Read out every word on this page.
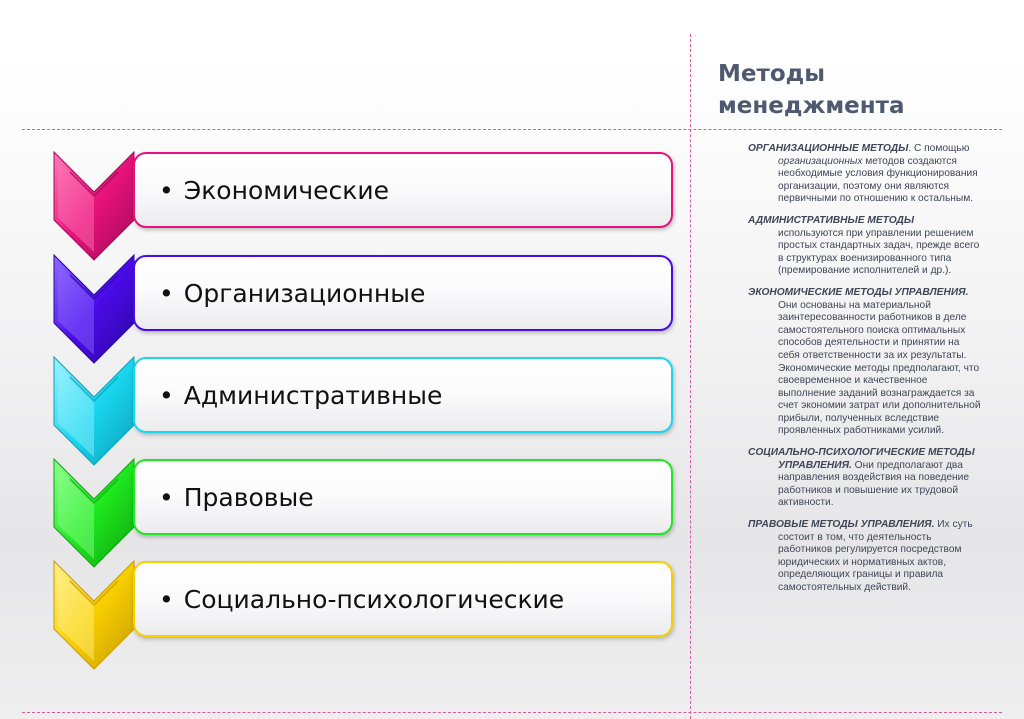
Методы
менеджмента
• Экономические
• Организационные
• Административные
• Правовые
• Социально-психологические

ОРГАНИЗАЦИОННЫЕ МЕТОДЫ. С помощью организационных методов создаются необходимые условия функционирования организации, поэтому они являются первичными по отношению к остальным.

АДМИНИСТРАТИВНЫЕ МЕТОДЫ используются при управлении решением простых стандартных задач, прежде всего в структурах военизированного типа (премирование исполнителей и др.).

ЭКОНОМИЧЕСКИЕ МЕТОДЫ УПРАВЛЕНИЯ. Они основаны на материальной заинтересованности работников в деле самостоятельного поиска оптимальных способов деятельности и принятии на себя ответственности за их результаты. Экономические методы предполагают, что своевременное и качественное выполнение заданий вознаграждается за счет экономии затрат или дополнительной прибыли, полученных вследствие проявленных работниками усилий.

СОЦИАЛЬНО-ПСИХОЛОГИЧЕСКИЕ МЕТОДЫ УПРАВЛЕНИЯ. Они предполагают два направления воздействия на поведение работников и повышение их трудовой активности.

ПРАВОВЫЕ МЕТОДЫ УПРАВЛЕНИЯ. Их суть состоит в том, что деятельность работников регулируется посредством юридических и нормативных актов, определяющих границы и правила самостоятельных действий.
